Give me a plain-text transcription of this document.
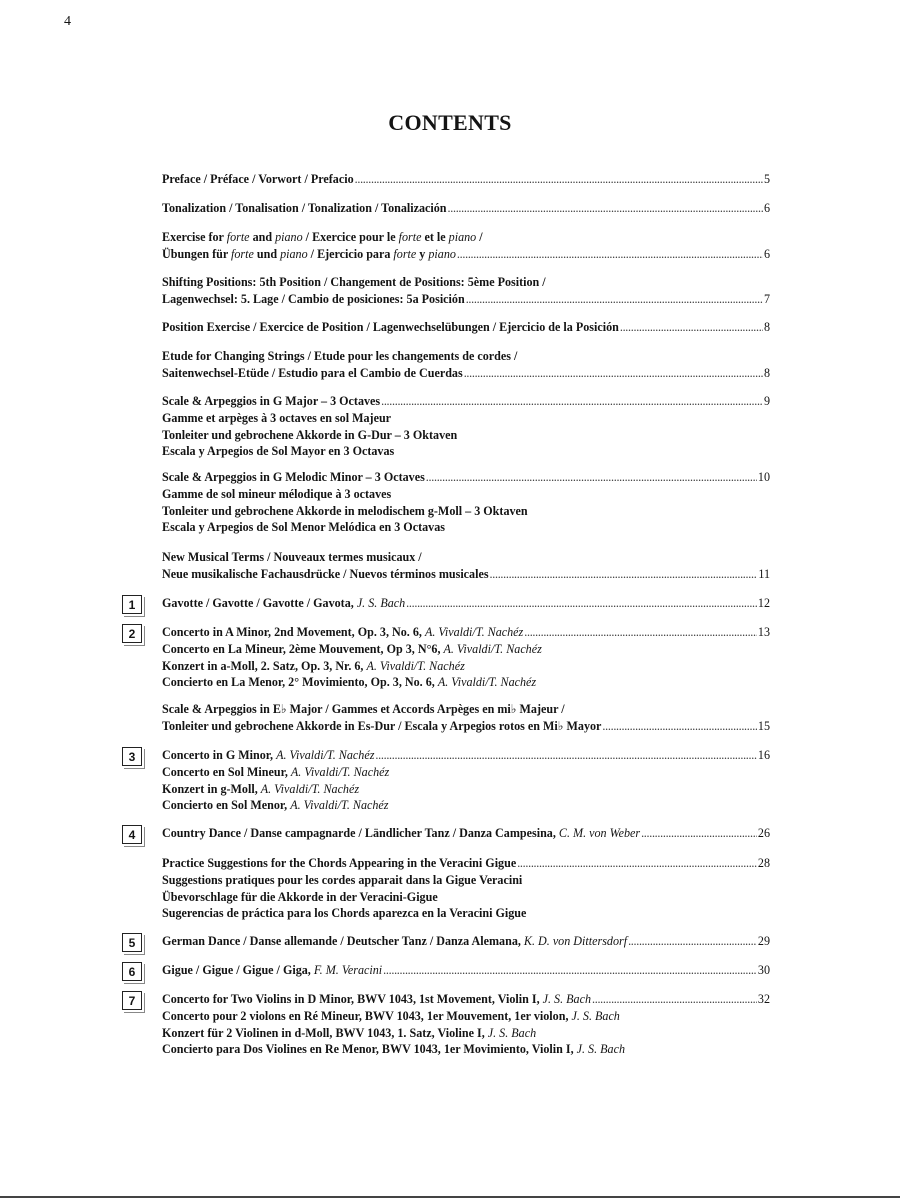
4
CONTENTS
Preface / Préface / Vorwort / Prefacio .....	5
Tonalization / Tonalisation / Tonalization / Tonalización .....	6
Exercise for forte and piano / Exercice pour le forte et le piano /
Übungen für forte und piano / Ejercicio para forte y piano .....	6
Shifting Positions: 5th Position / Changement de Positions: 5ème Position /
Lagenwechsel: 5. Lage / Cambio de posiciones: 5a Posición .....	7
Position Exercise / Exercice de Position / Lagenwechselübungen / Ejercicio de la Posición .....	8
Etude for Changing Strings / Etude pour les changements de cordes /
Saitenwechsel-Etüde / Estudio para el Cambio de Cuerdas .....	8
Scale & Arpeggios in G Major – 3 Octaves .....	9
Gamme et arpèges à 3 octaves en sol Majeur
Tonleiter und gebrochene Akkorde in G-Dur – 3 Oktaven
Escala y Arpegios de Sol Mayor en 3 Octavas
Scale & Arpeggios in G Melodic Minor – 3 Octaves .....	10
Gamme de sol mineur mélodique à 3 octaves
Tonleiter und gebrochene Akkorde in melodischem g-Moll – 3 Oktaven
Escala y Arpegios de Sol Menor Melódica en 3 Octavas
New Musical Terms / Nouveaux termes musicaux /
Neue musikalische Fachausdrücke / Nuevos términos musicales .....	11
1	Gavotte / Gavotte / Gavotte / Gavota, J. S. Bach .....	12
2	Concerto in A Minor, 2nd Movement, Op. 3, No. 6, A. Vivaldi/T. Nachéz .....	13
Concerto en La Mineur, 2ème Mouvement, Op 3, N°6, A. Vivaldi/T. Nachéz
Konzert in a-Moll, 2. Satz, Op. 3, Nr. 6, A. Vivaldi/T. Nachéz
Concierto en La Menor, 2° Movimiento, Op. 3, No. 6, A. Vivaldi/T. Nachéz
Scale & Arpeggios in E♭ Major / Gammes et Accords Arpèges en mi♭ Majeur /
Tonleiter und gebrochene Akkorde in Es-Dur / Escala y Arpegios rotos en Mi♭ Mayor .....	15
3	Concerto in G Minor, A. Vivaldi/T. Nachéz .....	16
Concerto en Sol Mineur, A. Vivaldi/T. Nachéz
Konzert in g-Moll, A. Vivaldi/T. Nachéz
Concierto en Sol Menor, A. Vivaldi/T. Nachéz
4	Country Dance / Danse campagnarde / Ländlicher Tanz / Danza Campesina, C. M. von Weber .....	26
Practice Suggestions for the Chords Appearing in the Veracini Gigue .....	28
Suggestions pratiques pour les cordes apparait dans la Gigue Veracini
Übevorschlage für die Akkorde in der Veracini-Gigue
Sugerencias de práctica para los Chords aparezca en la Veracini Gigue
5	German Dance / Danse allemande / Deutscher Tanz / Danza Alemana, K. D. von Dittersdorf .....	29
6	Gigue / Gigue / Gigue / Giga, F. M. Veracini .....	30
7	Concerto for Two Violins in D Minor, BWV 1043, 1st Movement, Violin I, J. S. Bach .....	32
Concerto pour 2 violons en Ré Mineur, BWV 1043, 1er Mouvement, 1er violon, J. S. Bach
Konzert für 2 Violinen in d-Moll, BWV 1043, 1. Satz, Violine I, J. S. Bach
Concierto para Dos Violines en Re Menor, BWV 1043, 1er Movimiento, Violin I, J. S. Bach
